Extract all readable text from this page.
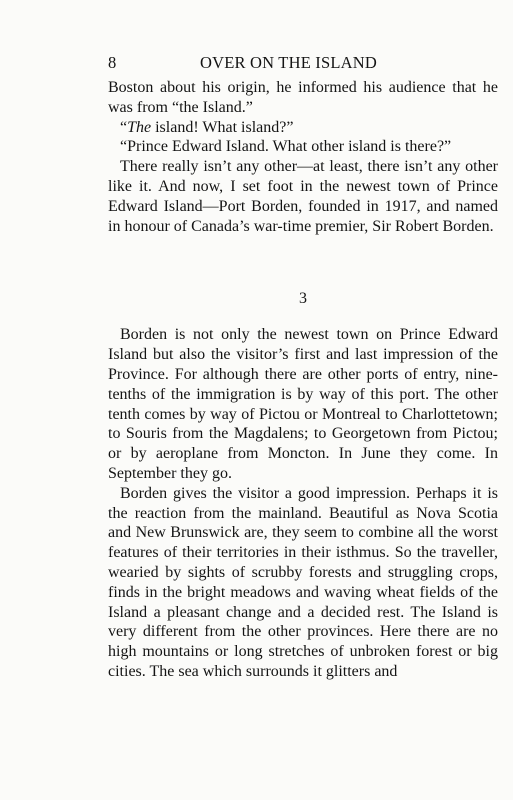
8	OVER ON THE ISLAND

Boston about his origin, he informed his audience that he was from “the Island.”

“The island! What island?”

“Prince Edward Island. What other island is there?”

There really isn’t any other—at least, there isn’t any other like it. And now, I set foot in the newest town of Prince Edward Island—Port Borden, founded in 1917, and named in honour of Canada’s war-time premier, Sir Robert Borden.

3

Borden is not only the newest town on Prince Edward Island but also the visitor’s first and last impression of the Province. For although there are other ports of entry, nine-tenths of the immigration is by way of this port. The other tenth comes by way of Pictou or Montreal to Charlottetown; to Souris from the Magdalens; to Georgetown from Pictou; or by aeroplane from Moncton. In June they come. In September they go.

Borden gives the visitor a good impression. Perhaps it is the reaction from the mainland. Beautiful as Nova Scotia and New Brunswick are, they seem to combine all the worst features of their territories in their isthmus. So the traveller, wearied by sights of scrubby forests and struggling crops, finds in the bright meadows and waving wheat fields of the Island a pleasant change and a decided rest. The Island is very different from the other provinces. Here there are no high mountains or long stretches of unbroken forest or big cities. The sea which surrounds it glitters and
